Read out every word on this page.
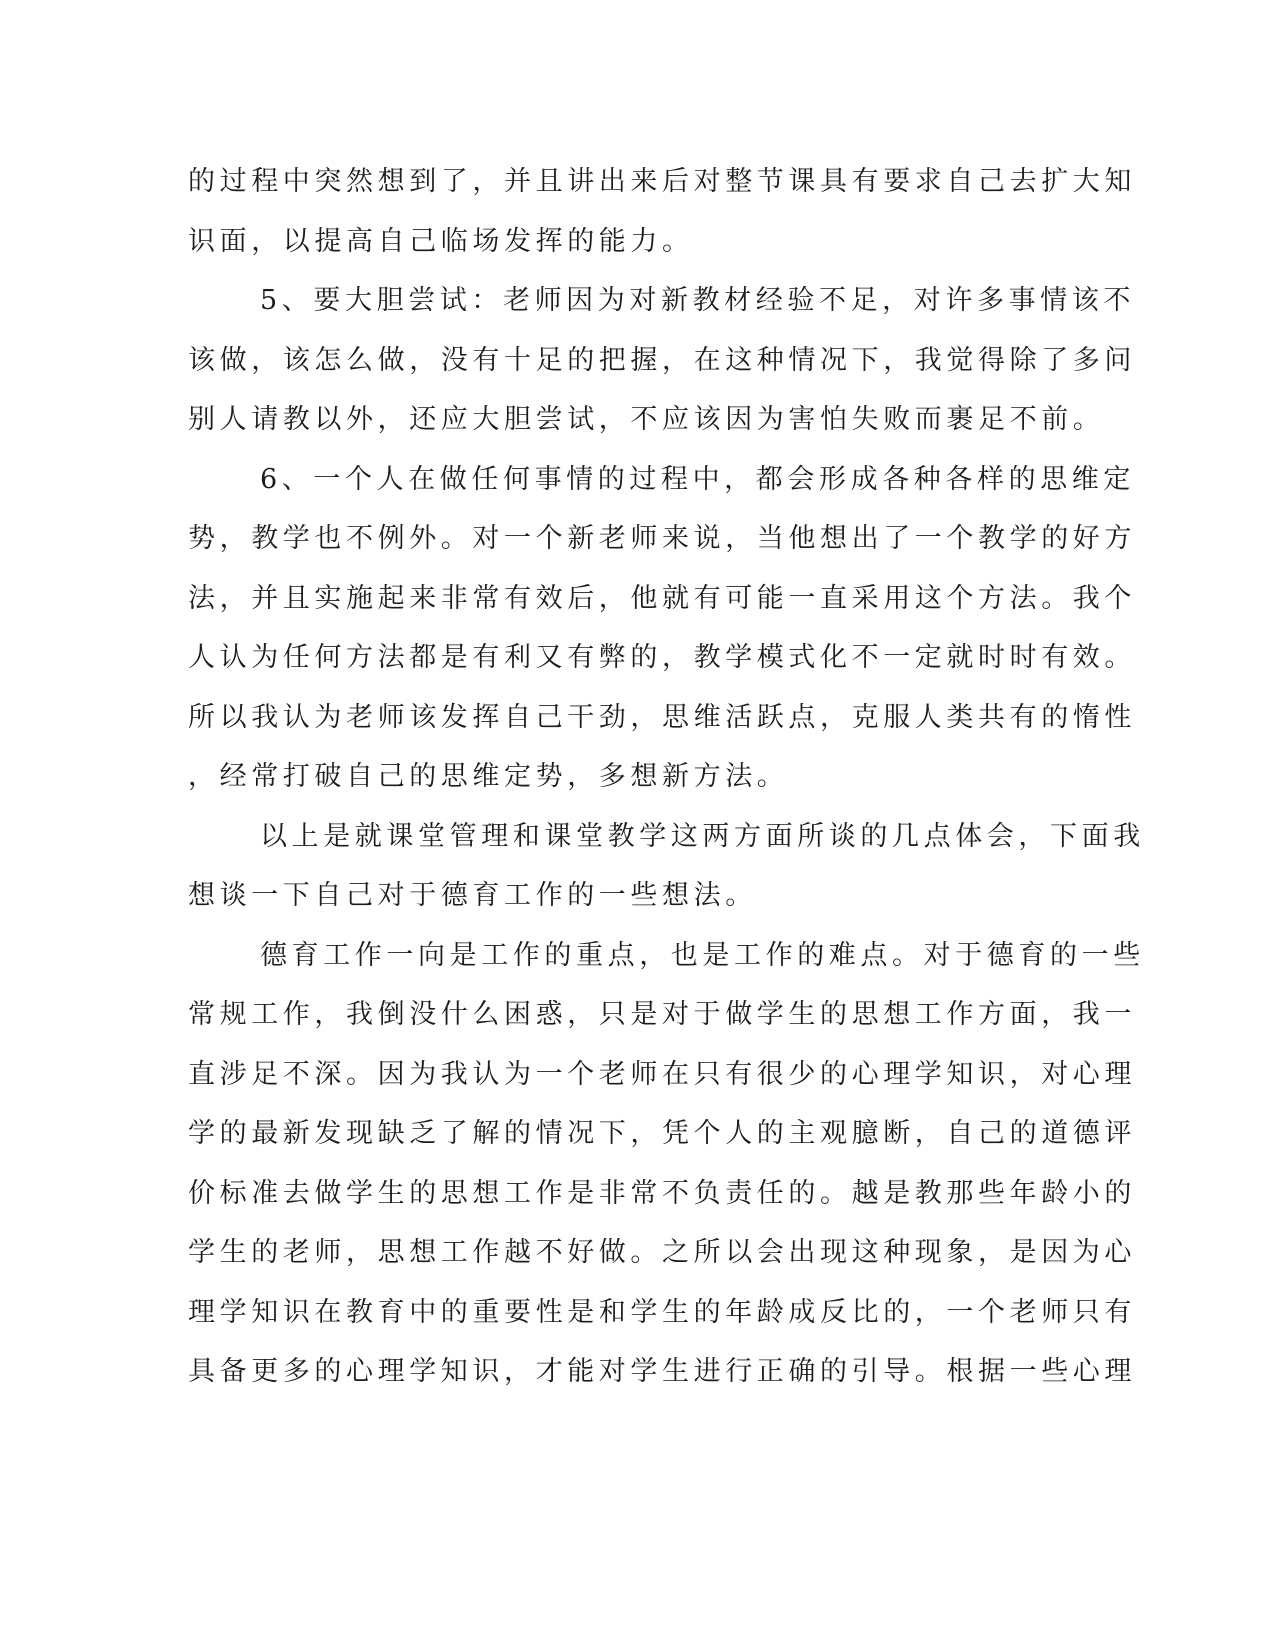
的过程中突然想到了，并且讲出来后对整节课具有要求自己去扩大知
识面，以提高自己临场发挥的能力。
5、要大胆尝试：老师因为对新教材经验不足，对许多事情该不
该做，该怎么做，没有十足的把握，在这种情况下，我觉得除了多问
别人请教以外，还应大胆尝试，不应该因为害怕失败而裹足不前。
6、一个人在做任何事情的过程中，都会形成各种各样的思维定
势，教学也不例外。对一个新老师来说，当他想出了一个教学的好方
法，并且实施起来非常有效后，他就有可能一直采用这个方法。我个
人认为任何方法都是有利又有弊的，教学模式化不一定就时时有效。
所以我认为老师该发挥自己干劲，思维活跃点，克服人类共有的惰性
，经常打破自己的思维定势，多想新方法。
以上是就课堂管理和课堂教学这两方面所谈的几点体会，下面我
想谈一下自己对于德育工作的一些想法。
德育工作一向是工作的重点，也是工作的难点。对于德育的一些
常规工作，我倒没什么困惑，只是对于做学生的思想工作方面，我一
直涉足不深。因为我认为一个老师在只有很少的心理学知识，对心理
学的最新发现缺乏了解的情况下，凭个人的主观臆断，自己的道德评
价标准去做学生的思想工作是非常不负责任的。越是教那些年龄小的
学生的老师，思想工作越不好做。之所以会出现这种现象，是因为心
理学知识在教育中的重要性是和学生的年龄成反比的，一个老师只有
具备更多的心理学知识，才能对学生进行正确的引导。根据一些心理
